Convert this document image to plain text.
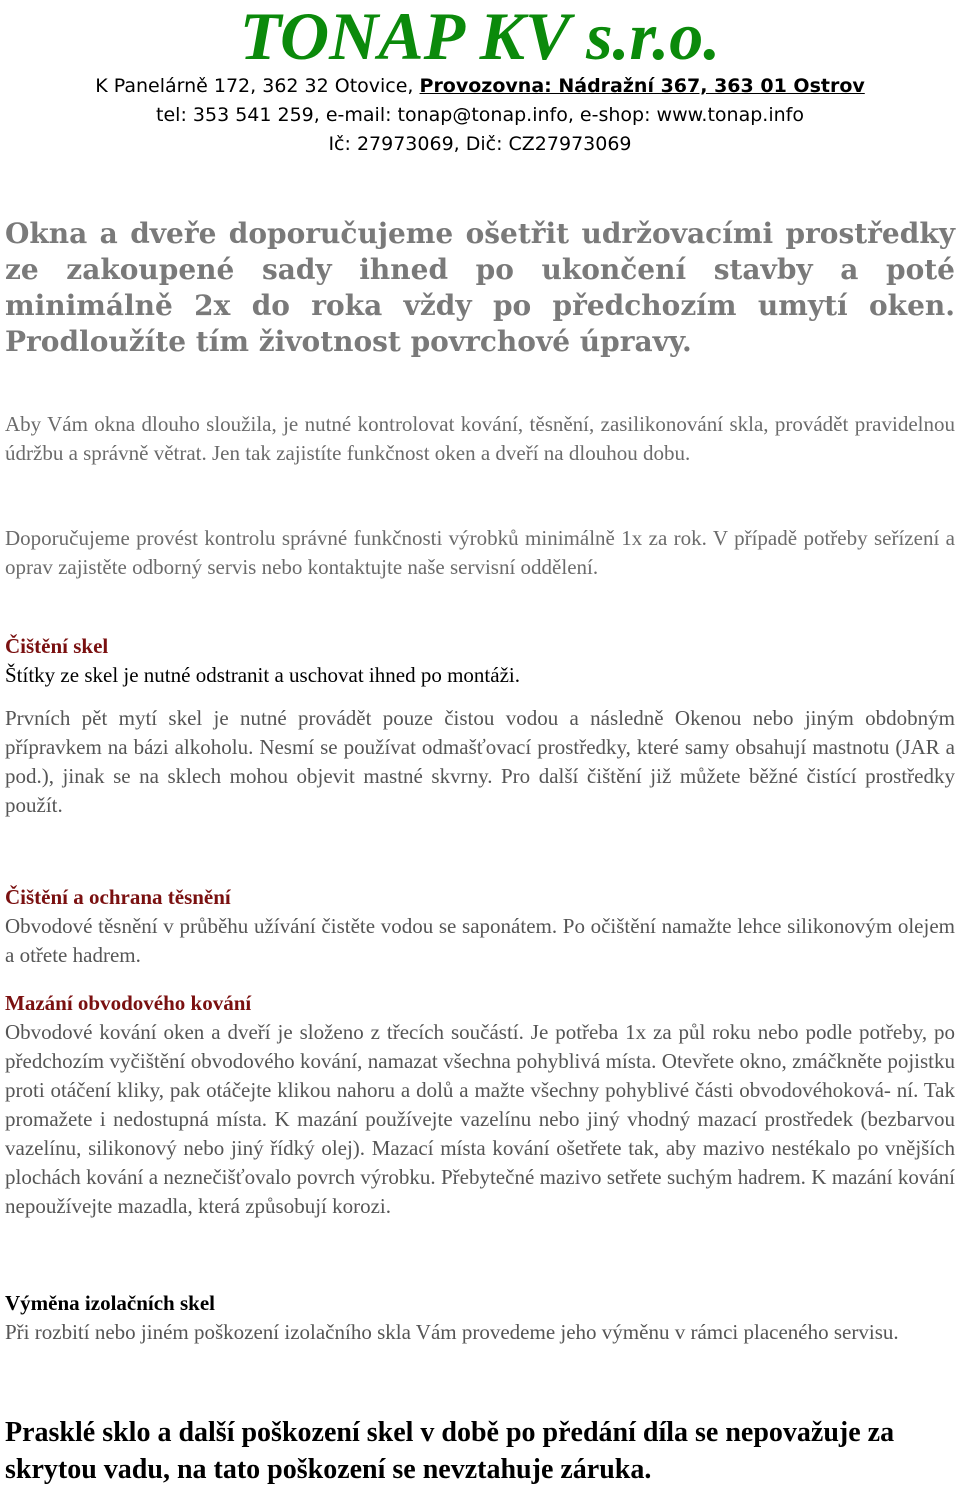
TONAP KV s.r.o.

K Panelárně 172, 362 32 Otovice, Provozovna: Nádražní 367, 363 01 Ostrov

tel: 353 541 259, e-mail: tonap@tonap.info, e-shop: www.tonap.info

Ič: 27973069, Dič: CZ27973069

Okna a dveře doporučujeme ošetřit udržovacími prostředky ze zakoupené sady ihned po ukončení stavby a poté minimálně 2x do roka vždy po předchozím umytí oken. Prodloužíte tím životnost povrchové úpravy.

Aby Vám okna dlouho sloužila, je nutné kontrolovat kování, těsnění, zasilikonování skla, provádět pravidelnou údržbu a správně větrat. Jen tak zajistíte funkčnost oken a dveří na dlouhou dobu.

Doporučujeme provést kontrolu správné funkčnosti výrobků minimálně 1x za rok. V případě potřeby seřízení a oprav zajistěte odborný servis nebo kontaktujte naše servisní oddělení.

Čištění skel

Štítky ze skel je nutné odstranit a uschovat ihned po montáži.

Prvních pět mytí skel je nutné provádět pouze čistou vodou a následně Okenou nebo jiným obdobným přípravkem na bázi alkoholu. Nesmí se používat odmašťovací prostředky, které samy obsahují mastnotu (JAR a pod.), jinak se na sklech mohou objevit mastné skvrny. Pro další čištění již můžete běžné čistící prostředky použít.

Čištění a ochrana těsnění

Obvodové těsnění v průběhu užívání čistěte vodou se saponátem. Po očištění namažte lehce silikonovým olejem a otřete hadrem.

Mazání obvodového kování

Obvodové kování oken a dveří je složeno z třecích součástí. Je potřeba 1x za půl roku nebo podle potřeby, po předchozím vyčištění obvodového kování, namazat všechna pohyblivá místa. Otevřete okno, zmáčkněte pojistku proti otáčení kliky, pak otáčejte klikou nahoru a dolů a mažte všechny pohyblivé části obvodovéhoková- ní. Tak promažete i nedostupná místa. K mazání používejte vazelínu nebo jiný vhodný mazací prostředek (bezbarvou vazelínu, silikonový nebo jiný řídký olej). Mazací místa kování ošetřete tak, aby mazivo nestékalo po vnějších plochách kování a neznečišťovalo povrch výrobku. Přebytečné mazivo setřete suchým hadrem. K mazání kování nepoužívejte mazadla, která způsobují korozi.

Výměna izolačních skel

Při rozbití nebo jiném poškození izolačního skla Vám provedeme jeho výměnu v rámci placeného servisu.

Prasklé sklo a další poškození skel v době po předání díla se nepovažuje za skrytou vadu, na tato poškození se nevztahuje záruka.
